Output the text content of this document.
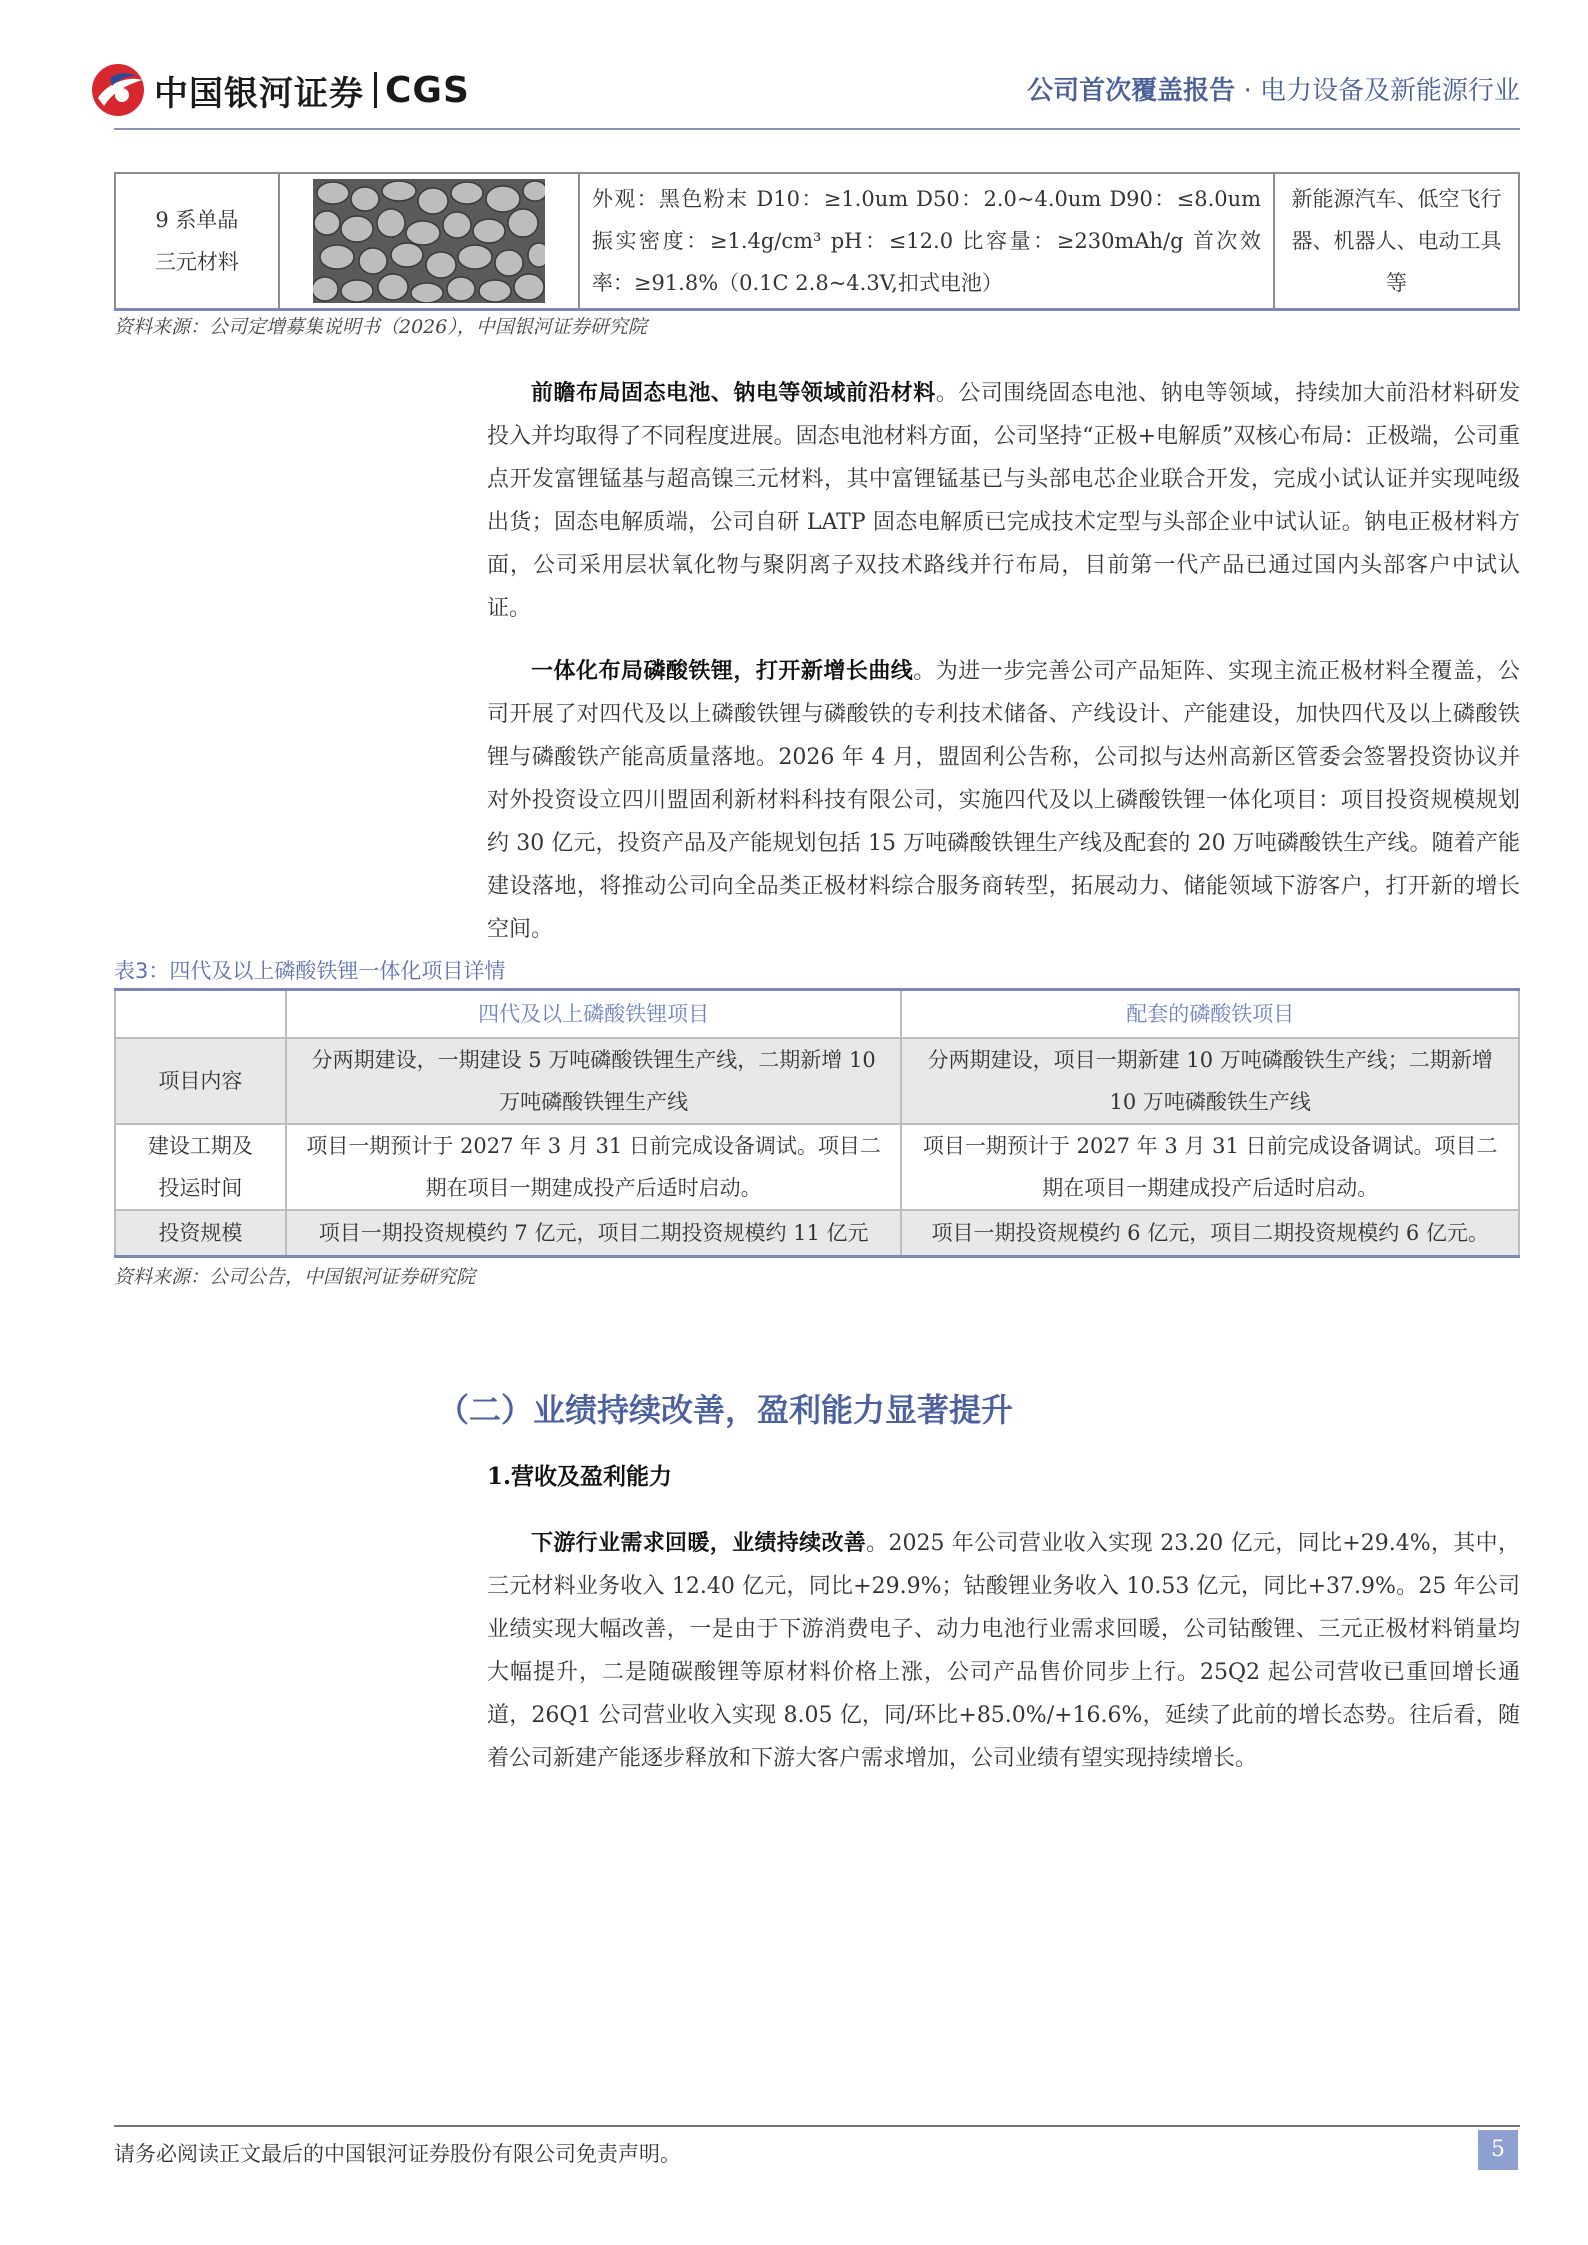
中国银河证券 CGS	公司首次覆盖报告 · 电力设备及新能源行业
9 系单晶
三元材料	
	外观：黑色粉末 D10：≥1.0um D50：2.0~4.0um D90：≤8.0um 振实密度：≥1.4g/cm³ pH：≤12.0 比容量：≥230mAh/g 首次效率：≥91.8%（0.1C 2.8~4.3V,扣式电池）	新能源汽车、低空飞行器、机器人、电动工具等
资料来源：公司定增募集说明书（2026），中国银河证券研究院

前瞻布局固态电池、钠电等领域前沿材料。公司围绕固态电池、钠电等领域，持续加大前沿材料研发投入并均取得了不同程度进展。固态电池材料方面，公司坚持“正极+电解质”双核心布局：正极端，公司重点开发富锂锰基与超高镍三元材料，其中富锂锰基已与头部电芯企业联合开发，完成小试认证并实现吨级出货；固态电解质端，公司自研 LATP 固态电解质已完成技术定型与头部企业中试认证。钠电正极材料方面，公司采用层状氧化物与聚阴离子双技术路线并行布局，目前第一代产品已通过国内头部客户中试认证。

一体化布局磷酸铁锂，打开新增长曲线。为进一步完善公司产品矩阵、实现主流正极材料全覆盖，公司开展了对四代及以上磷酸铁锂与磷酸铁的专利技术储备、产线设计、产能建设，加快四代及以上磷酸铁锂与磷酸铁产能高质量落地。2026 年 4 月，盟固利公告称，公司拟与达州高新区管委会签署投资协议并对外投资设立四川盟固利新材料科技有限公司，实施四代及以上磷酸铁锂一体化项目：项目投资规模规划约 30 亿元，投资产品及产能规划包括 15 万吨磷酸铁锂生产线及配套的 20 万吨磷酸铁生产线。随着产能建设落地，将推动公司向全品类正极材料综合服务商转型，拓展动力、储能领域下游客户，打开新的增长空间。

表3：四代及以上磷酸铁锂一体化项目详情
	四代及以上磷酸铁锂项目	配套的磷酸铁项目
项目内容	分两期建设，一期建设 5 万吨磷酸铁锂生产线，二期新增 10 万吨磷酸铁锂生产线	分两期建设，项目一期新建 10 万吨磷酸铁生产线；二期新增 10 万吨磷酸铁生产线
建设工期及投运时间	项目一期预计于 2027 年 3 月 31 日前完成设备调试。项目二期在项目一期建成投产后适时启动。	项目一期预计于 2027 年 3 月 31 日前完成设备调试。项目二期在项目一期建成投产后适时启动。
投资规模	项目一期投资规模约 7 亿元，项目二期投资规模约 11 亿元	项目一期投资规模约 6 亿元，项目二期投资规模约 6 亿元。
资料来源：公司公告，中国银河证券研究院
（二）业绩持续改善，盈利能力显著提升
1.营收及盈利能力

下游行业需求回暖，业绩持续改善。2025 年公司营业收入实现 23.20 亿元，同比+29.4%，其中，三元材料业务收入 12.40 亿元，同比+29.9%；钴酸锂业务收入 10.53 亿元，同比+37.9%。25 年公司业绩实现大幅改善，一是由于下游消费电子、动力电池行业需求回暖，公司钴酸锂、三元正极材料销量均大幅提升，二是随碳酸锂等原材料价格上涨，公司产品售价同步上行。25Q2 起公司营收已重回增长通道，26Q1 公司营业收入实现 8.05 亿，同/环比+85.0%/+16.6%，延续了此前的增长态势。往后看，随着公司新建产能逐步释放和下游大客户需求增加，公司业绩有望实现持续增长。

请务必阅读正文最后的中国银河证券股份有限公司免责声明。	5
